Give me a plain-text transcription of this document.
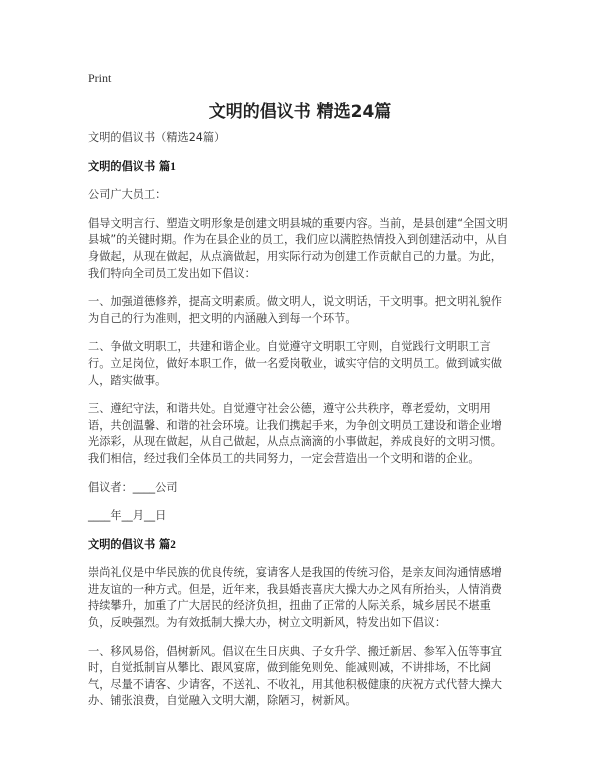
Print
文明的倡议书 精选24篇

文明的倡议书（精选24篇）

文明的倡议书 篇1

公司广大员工：

倡导文明言行、塑造文明形象是创建文明县城的重要内容。当前，是县创建“全国文明县城”的关键时期。作为在县企业的员工，我们应以满腔热情投入到创建活动中，从自身做起，从现在做起，从点滴做起，用实际行动为创建工作贡献自己的力量。为此，我们特向全司员工发出如下倡议：

一、加强道德修养，提高文明素质。做文明人，说文明话，干文明事。把文明礼貌作为自己的行为准则，把文明的内涵融入到每一个环节。

二、争做文明职工，共建和谐企业。自觉遵守文明职工守则，自觉践行文明职工言行。立足岗位，做好本职工作，做一名爱岗敬业，诚实守信的文明员工。做到诚实做人，踏实做事。

三、遵纪守法，和谐共处。自觉遵守社会公德，遵守公共秩序，尊老爱幼，文明用语，共创温馨、和谐的社会环境。让我们携起手来，为争创文明员工建设和谐企业增光添彩，从现在做起，从自己做起，从点点滴滴的小事做起，养成良好的文明习惯。我们相信，经过我们全体员工的共同努力，一定会营造出一个文明和谐的企业。

倡议者：____公司

____年__月__日

文明的倡议书 篇2

崇尚礼仪是中华民族的优良传统，宴请客人是我国的传统习俗，是亲友间沟通情感增进友谊的一种方式。但是，近年来，我县婚丧喜庆大操大办之风有所抬头，人情消费持续攀升，加重了广大居民的经济负担，扭曲了正常的人际关系，城乡居民不堪重负，反映强烈。为有效抵制大操大办，树立文明新风，特发出如下倡议：

一、移风易俗，倡树新风。倡议在生日庆典、子女升学、搬迁新居、参军入伍等事宜时，自觉抵制盲从攀比、跟风宴席，做到能免则免、能减则减，不讲排场，不比阔气，尽量不请客、少请客，不送礼、不收礼，用其他积极健康的庆祝方式代替大操大办、铺张浪费，自觉融入文明大潮，除陋习，树新风。
